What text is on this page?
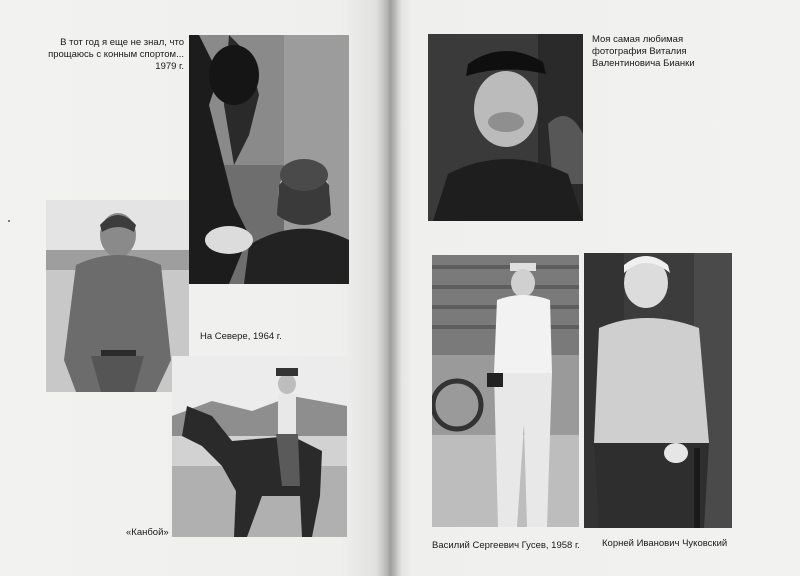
В тот год я еще не знал, что
прощаюсь с конным спортом...
1979 г.
На Севере, 1964 г.
«Канбой»
Моя самая любимая
фотография Виталия
Валентиновича Бианки
Василий Сергеевич Гусев, 1958 г. Корней Иванович Чуковский
